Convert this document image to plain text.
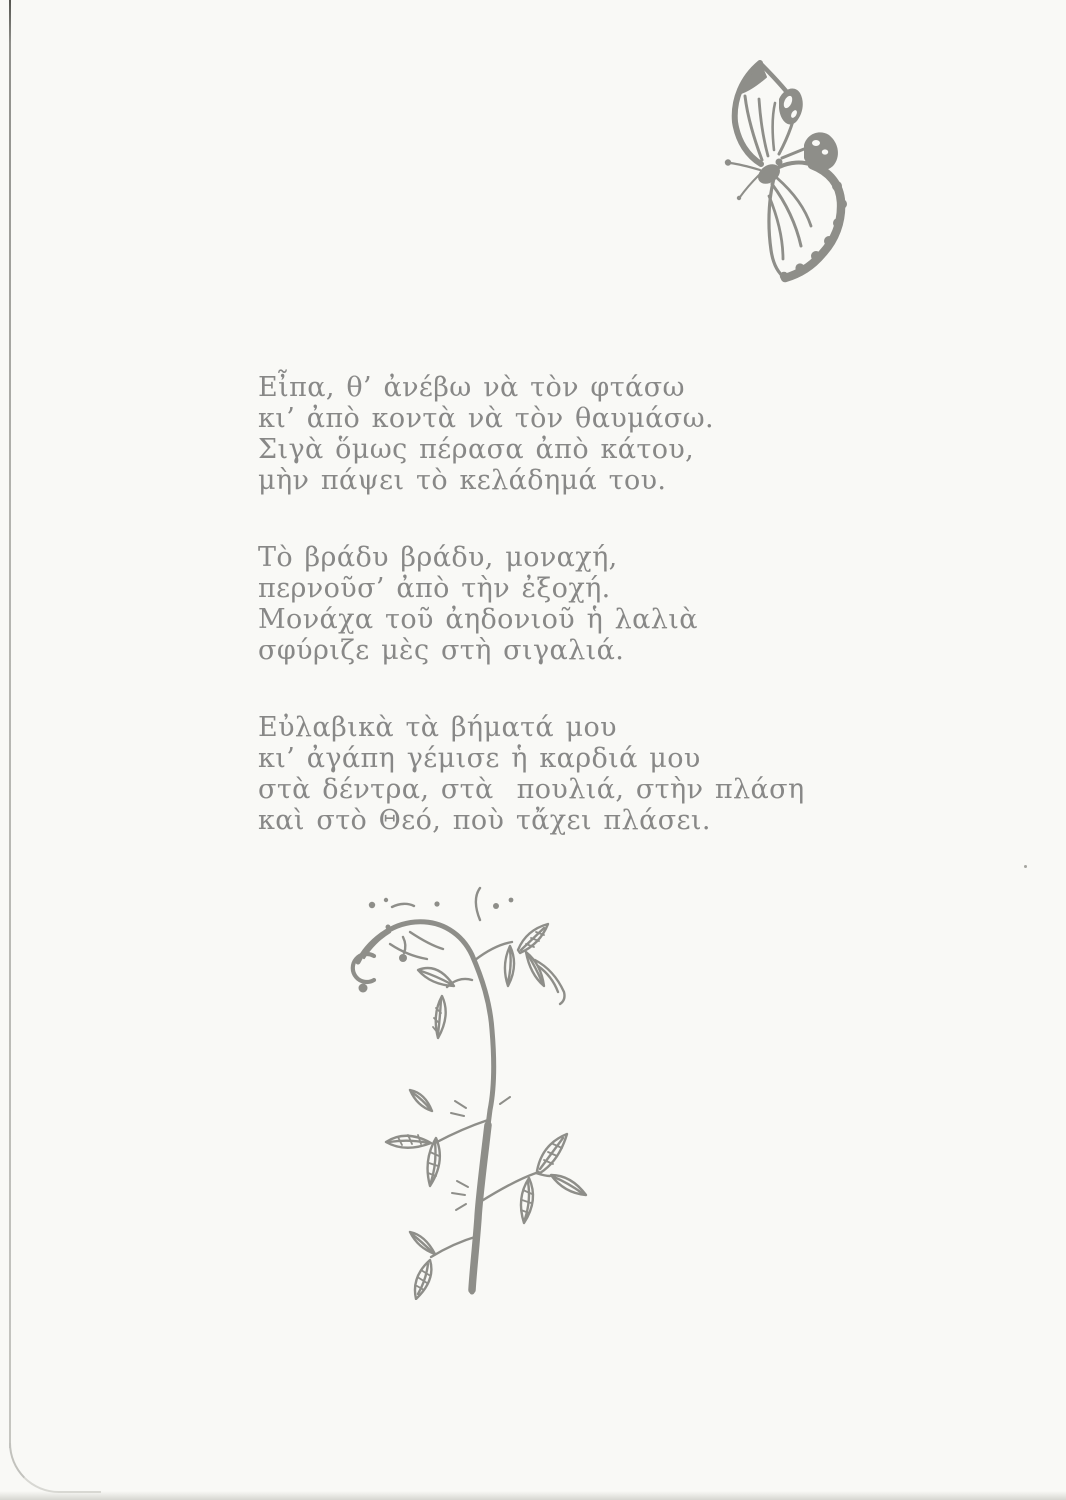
Εἶπα, θ’ ἀνέβω νὰ τὸν φτάσω
κι’ ἀπὸ κοντὰ νὰ τὸν θαυμάσω.
Σιγὰ ὅμως πέρασα ἀπὸ κάτου,
μὴν πάψει τὸ κελάδημά του.
Τὸ βράδυ βράδυ, μοναχή,
περνοῦσ’ ἀπὸ τὴν ἐξοχή.
Μονάχα τοῦ ἀηδονιοῦ ἡ λαλιὰ
σφύριζε μὲς στὴ σιγαλιά.
Εὐλαβικὰ τὰ βήματά μου
κι’ ἀγάπη γέμισε ἡ καρδιά μου
στὰ δέντρα, στὰ  πουλιά, στὴν πλάση
καὶ στὸ Θεό, ποὺ τἄχει πλάσει.
